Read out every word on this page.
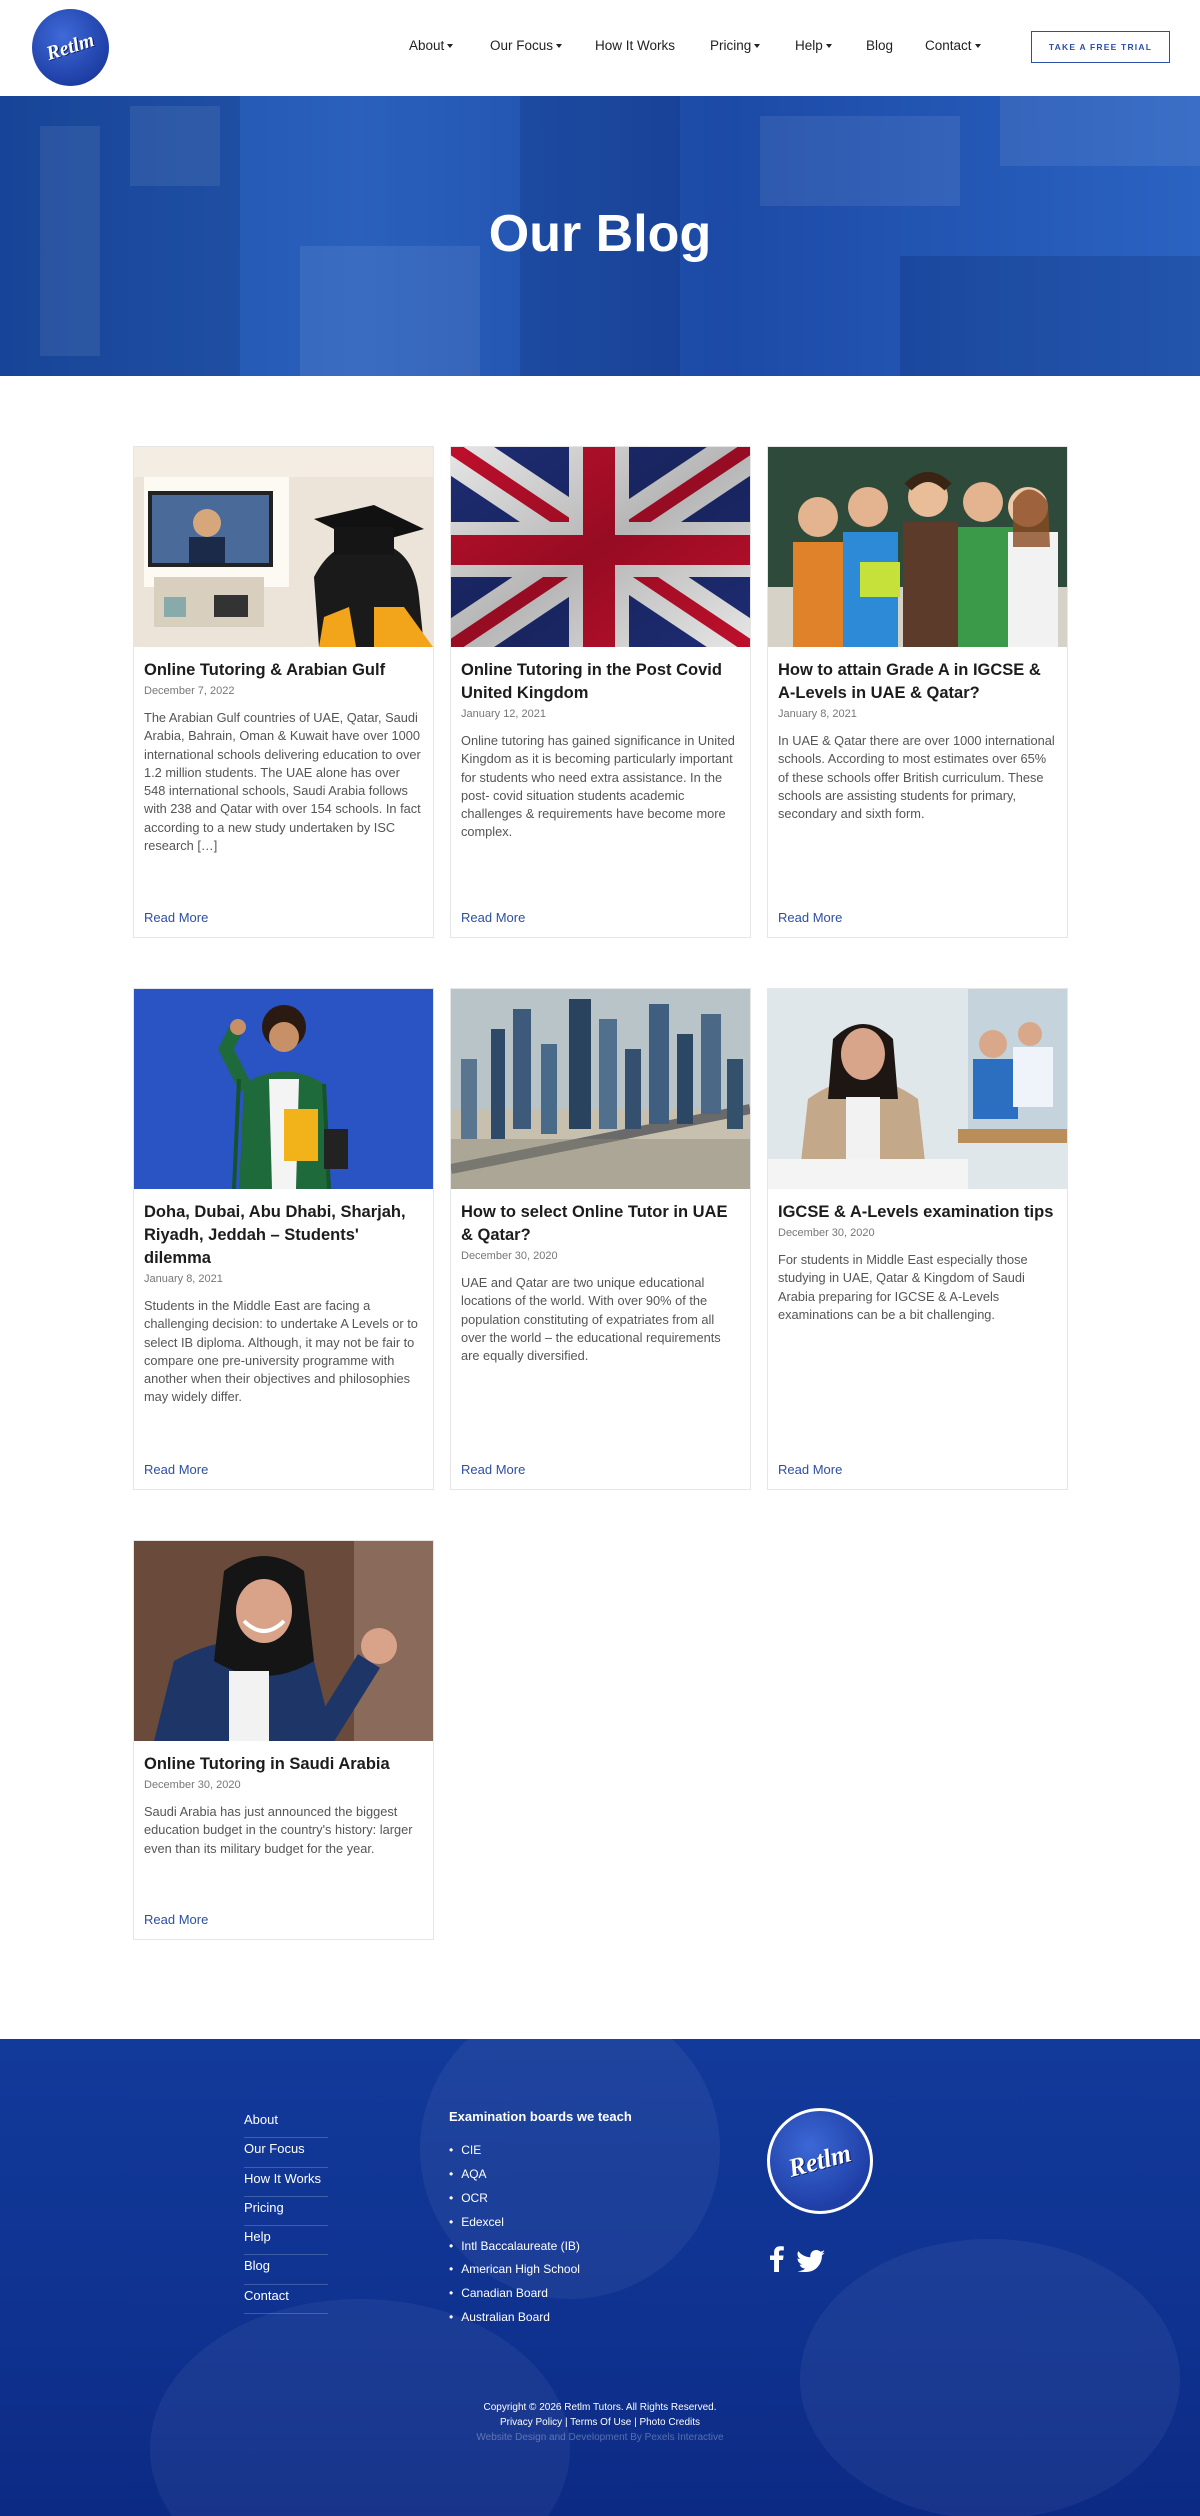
Retlm	About	Our Focus	How It Works	Pricing	Help	Blog Contact	TAKE A FREE TRIAL
Our Blog
Online Tutoring & Arabian Gulf
December 7, 2022
The Arabian Gulf countries of UAE, Qatar, Saudi Arabia, Bahrain, Oman & Kuwait have over 1000 international schools delivering education to over 1.2 million students. The UAE alone has over 548 international schools, Saudi Arabia follows with 238 and Qatar with over 154 schools. In fact according to a new study undertaken by ISC research […]
Read More
Online Tutoring in the Post Covid United Kingdom
January 12, 2021
Online tutoring has gained significance in United Kingdom as it is becoming particularly important for students who need extra assistance. In the post- covid situation students academic challenges & requirements have become more complex.
Read More
How to attain Grade A in IGCSE & A-Levels in UAE & Qatar?
January 8, 2021
In UAE & Qatar there are over 1000 international schools. According to most estimates over 65% of these schools offer British curriculum. These schools are assisting students for primary, secondary and sixth form.
Read More
Doha, Dubai, Abu Dhabi, Sharjah, Riyadh, Jeddah – Students' dilemma
January 8, 2021
Students in the Middle East are facing a challenging decision: to undertake A Levels or to select IB diploma. Although, it may not be fair to compare one pre-university programme with another when their objectives and philosophies may widely differ.
Read More
How to select Online Tutor in UAE & Qatar?
December 30, 2020
UAE and Qatar are two unique educational locations of the world. With over 90% of the population constituting of expatriates from all over the world – the educational requirements are equally diversified.
Read More
IGCSE & A-Levels examination tips
December 30, 2020
For students in Middle East especially those studying in UAE, Qatar & Kingdom of Saudi Arabia preparing for IGCSE & A-Levels examinations can be a bit challenging.
Read More
Online Tutoring in Saudi Arabia
December 30, 2020
Saudi Arabia has just announced the biggest education budget in the country's history: larger even than its military budget for the year.
Read More
About
Our Focus
How It Works
Pricing
Help
Blog
Contact
Examination boards we teach
• CIE
• AQA
• OCR
• Edexcel
• Intl Baccalaureate (IB)
• American High School
• Canadian Board
• Australian Board
Retlm
Copyright © 2026 Retlm Tutors. All Rights Reserved.
Privacy Policy | Terms Of Use | Photo Credits
Website Design and Development By Pexels Interactive
